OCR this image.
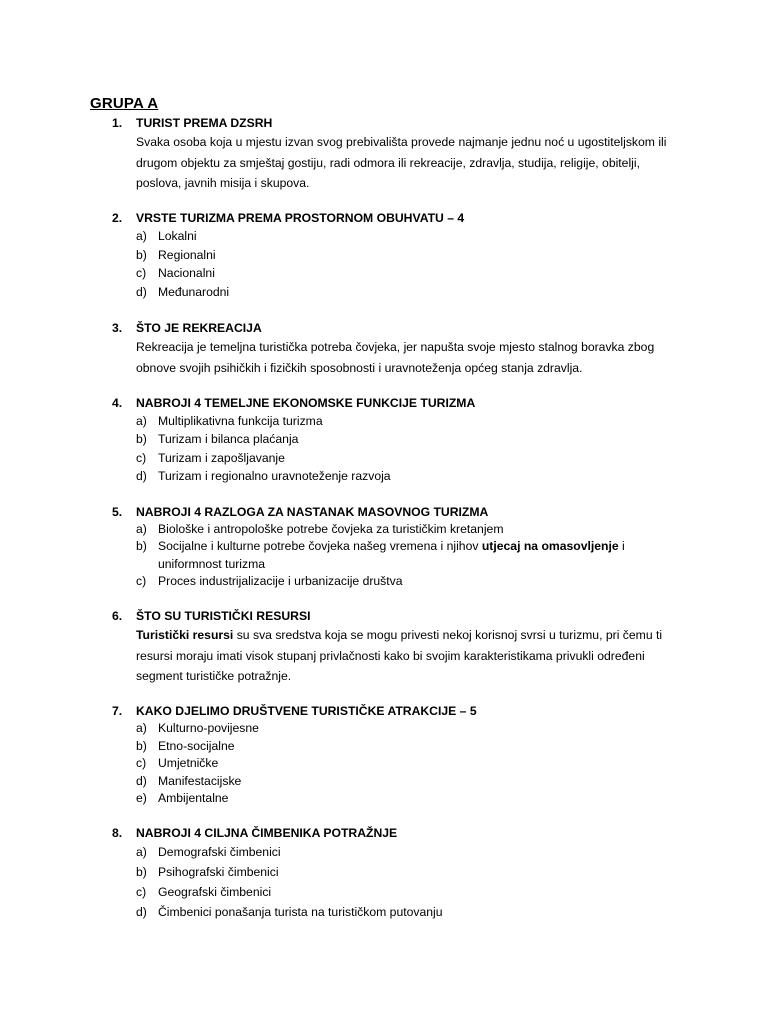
GRUPA A
1. TURIST PREMA DZSRH
Svaka osoba koja u mjestu izvan svog prebivališta provede najmanje jednu noć u ugostiteljskom ili drugom objektu za smještaj gostiju, radi odmora ili rekreacije, zdravlja, studija, religije, obitelji, poslova, javnih misija i skupova.
2. VRSTE TURIZMA PREMA PROSTORNOM OBUHVATU – 4
a) Lokalni
b) Regionalni
c) Nacionalni
d) Međunarodni
3. ŠTO JE REKREACIJA
Rekreacija je temeljna turistička potreba čovjeka, jer napušta svoje mjesto stalnog boravka zbog obnove svojih psihičkih i fizičkih sposobnosti i uravnoteženja općeg stanja zdravlja.
4. NABROJI 4 TEMELJNE EKONOMSKE FUNKCIJE TURIZMA
a) Multiplikativna funkcija turizma
b) Turizam i bilanca plaćanja
c) Turizam i zapošljavanje
d) Turizam i regionalno uravnoteženje razvoja
5. NABROJI 4 RAZLOGA ZA NASTANAK MASOVNOG TURIZMA
a) Biološke i antropološke potrebe čovjeka za turističkim kretanjem
b) Socijalne i kulturne potrebe čovjeka našeg vremena i njihov utjecaj na omasovljenje i uniformnost turizma
c) Proces industrijalizacije i urbanizacije društva
6. ŠTO SU TURISTIČKI RESURSI
Turistički resursi su sva sredstva koja se mogu privesti nekoj korisnoj svrsi u turizmu, pri čemu ti resursi moraju imati visok stupanj privlačnosti kako bi svojim karakteristikama privukli određeni segment turističke potražnje.
7. KAKO DJELIMO DRUŠTVENE TURISTIČKE ATRAKCIJE – 5
a) Kulturno-povijesne
b) Etno-socijalne
c) Umjetničke
d) Manifestacijske
e) Ambijentalne
8. NABROJI 4 CILJNA ČIMBENIKA POTRAŽNJE
a) Demografski čimbenici
b) Psihografski čimbenici
c) Geografski čimbenici
d) Čimbenici ponašanja turista na turističkom putovanju
